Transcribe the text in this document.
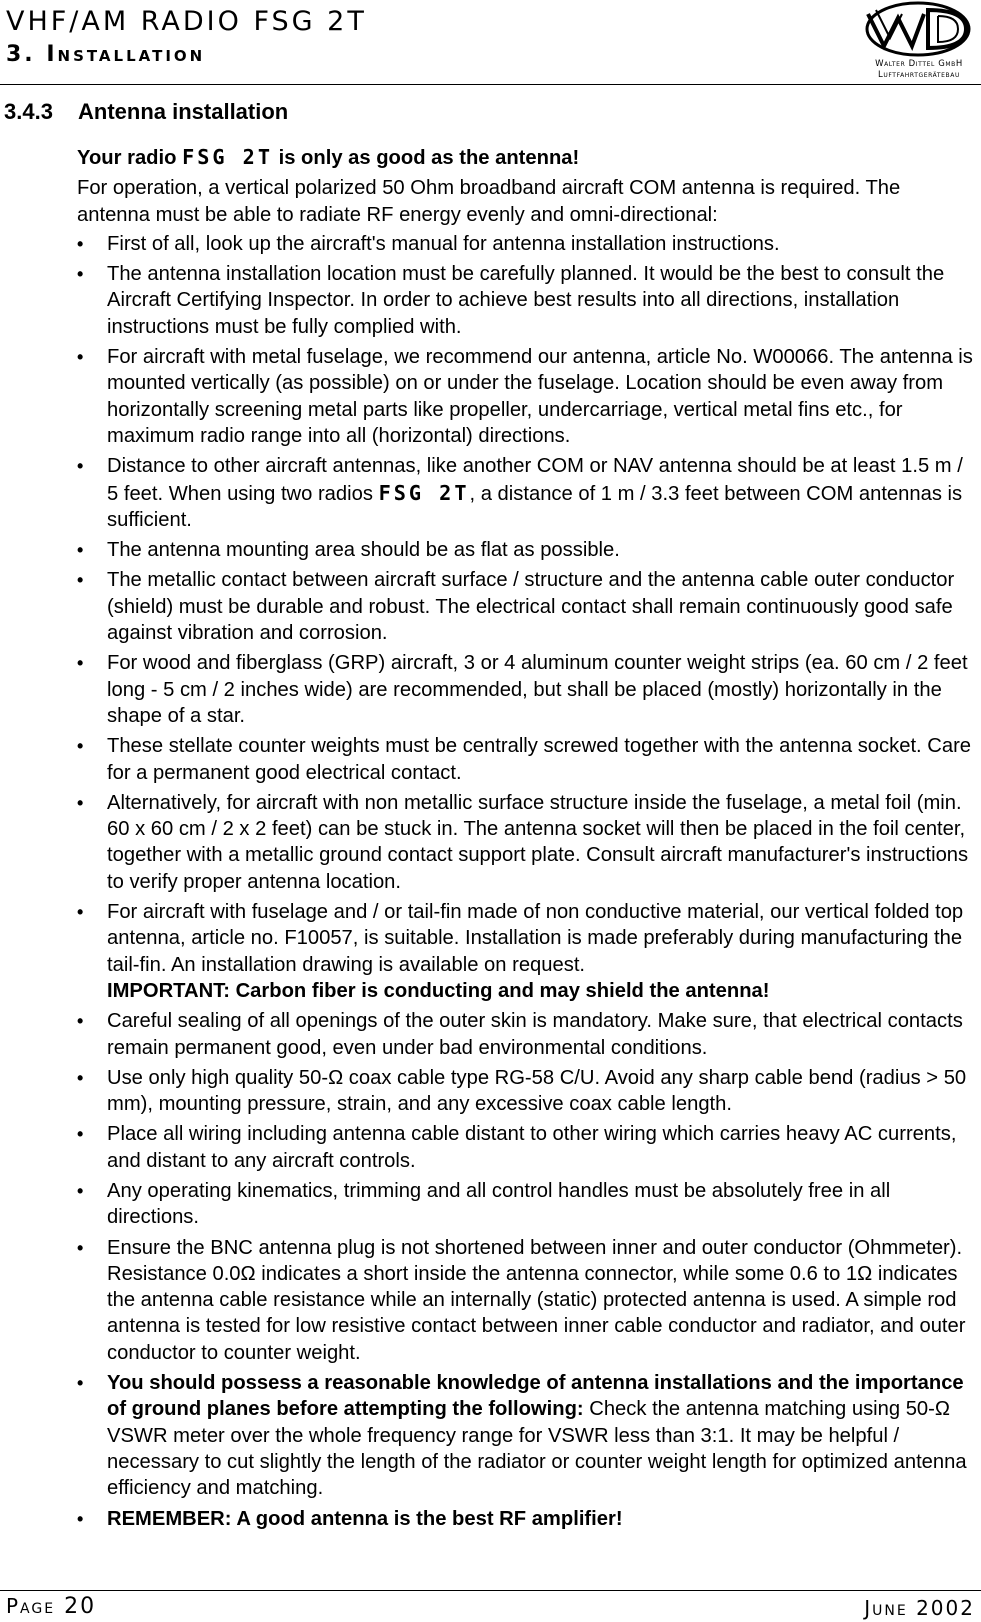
VHF/AM RADIO FSG 2T
3. Installation	Walter Dittel GmbH
Luftfahrtgerätebau
3.4.3 Antenna installation

Your radio FSG 2T is only as good as the antenna!

For operation, a vertical polarized 50 Ohm broadband aircraft COM antenna is required. The antenna must be able to radiate RF energy evenly and omni-directional:

• First of all, look up the aircraft's manual for antenna installation instructions.
• The antenna installation location must be carefully planned. It would be the best to consult the Aircraft Certifying Inspector. In order to achieve best results into all directions, installation instructions must be fully complied with.
• For aircraft with metal fuselage, we recommend our antenna, article No. W00066. The antenna is mounted vertically (as possible) on or under the fuselage. Location should be even away from horizontally screening metal parts like propeller, undercarriage, vertical metal fins etc., for maximum radio range into all (horizontal) directions.
• Distance to other aircraft antennas, like another COM or NAV antenna should be at least 1.5 m / 5 feet. When using two radios FSG 2T, a distance of 1 m / 3.3 feet between COM antennas is sufficient.
• The antenna mounting area should be as flat as possible.
• The metallic contact between aircraft surface / structure and the antenna cable outer conductor (shield) must be durable and robust. The electrical contact shall remain continuously good safe against vibration and corrosion.
• For wood and fiberglass (GRP) aircraft, 3 or 4 aluminum counter weight strips (ea. 60 cm / 2 feet long - 5 cm / 2 inches wide) are recommended, but shall be placed (mostly) horizontally in the shape of a star.
• These stellate counter weights must be centrally screwed together with the antenna socket. Care for a permanent good electrical contact.
• Alternatively, for aircraft with non metallic surface structure inside the fuselage, a metal foil (min. 60 x 60 cm / 2 x 2 feet) can be stuck in. The antenna socket will then be placed in the foil center, together with a metallic ground contact support plate. Consult aircraft manufacturer's instructions to verify proper antenna location.
• For aircraft with fuselage and / or tail-fin made of non conductive material, our vertical folded top antenna, article no. F10057, is suitable. Installation is made preferably during manufacturing the tail-fin. An installation drawing is available on request.
IMPORTANT: Carbon fiber is conducting and may shield the antenna!
• Careful sealing of all openings of the outer skin is mandatory. Make sure, that electrical contacts remain permanent good, even under bad environmental conditions.
• Use only high quality 50-Ω coax cable type RG-58 C/U. Avoid any sharp cable bend (radius > 50 mm), mounting pressure, strain, and any excessive coax cable length.
• Place all wiring including antenna cable distant to other wiring which carries heavy AC currents, and distant to any aircraft controls.
• Any operating kinematics, trimming and all control handles must be absolutely free in all directions.
• Ensure the BNC antenna plug is not shortened between inner and outer conductor (Ohmmeter). Resistance 0.0Ω indicates a short inside the antenna connector, while some 0.6 to 1Ω indicates the antenna cable resistance while an internally (static) protected antenna is used. A simple rod antenna is tested for low resistive contact between inner cable conductor and radiator, and outer conductor to counter weight.
• You should possess a reasonable knowledge of antenna installations and the importance of ground planes before attempting the following: Check the antenna matching using 50-Ω VSWR meter over the whole frequency range for VSWR less than 3:1. It may be helpful / necessary to cut slightly the length of the radiator or counter weight length for optimized antenna efficiency and matching.
• REMEMBER: A good antenna is the best RF amplifier!
Page 20	June 2002
